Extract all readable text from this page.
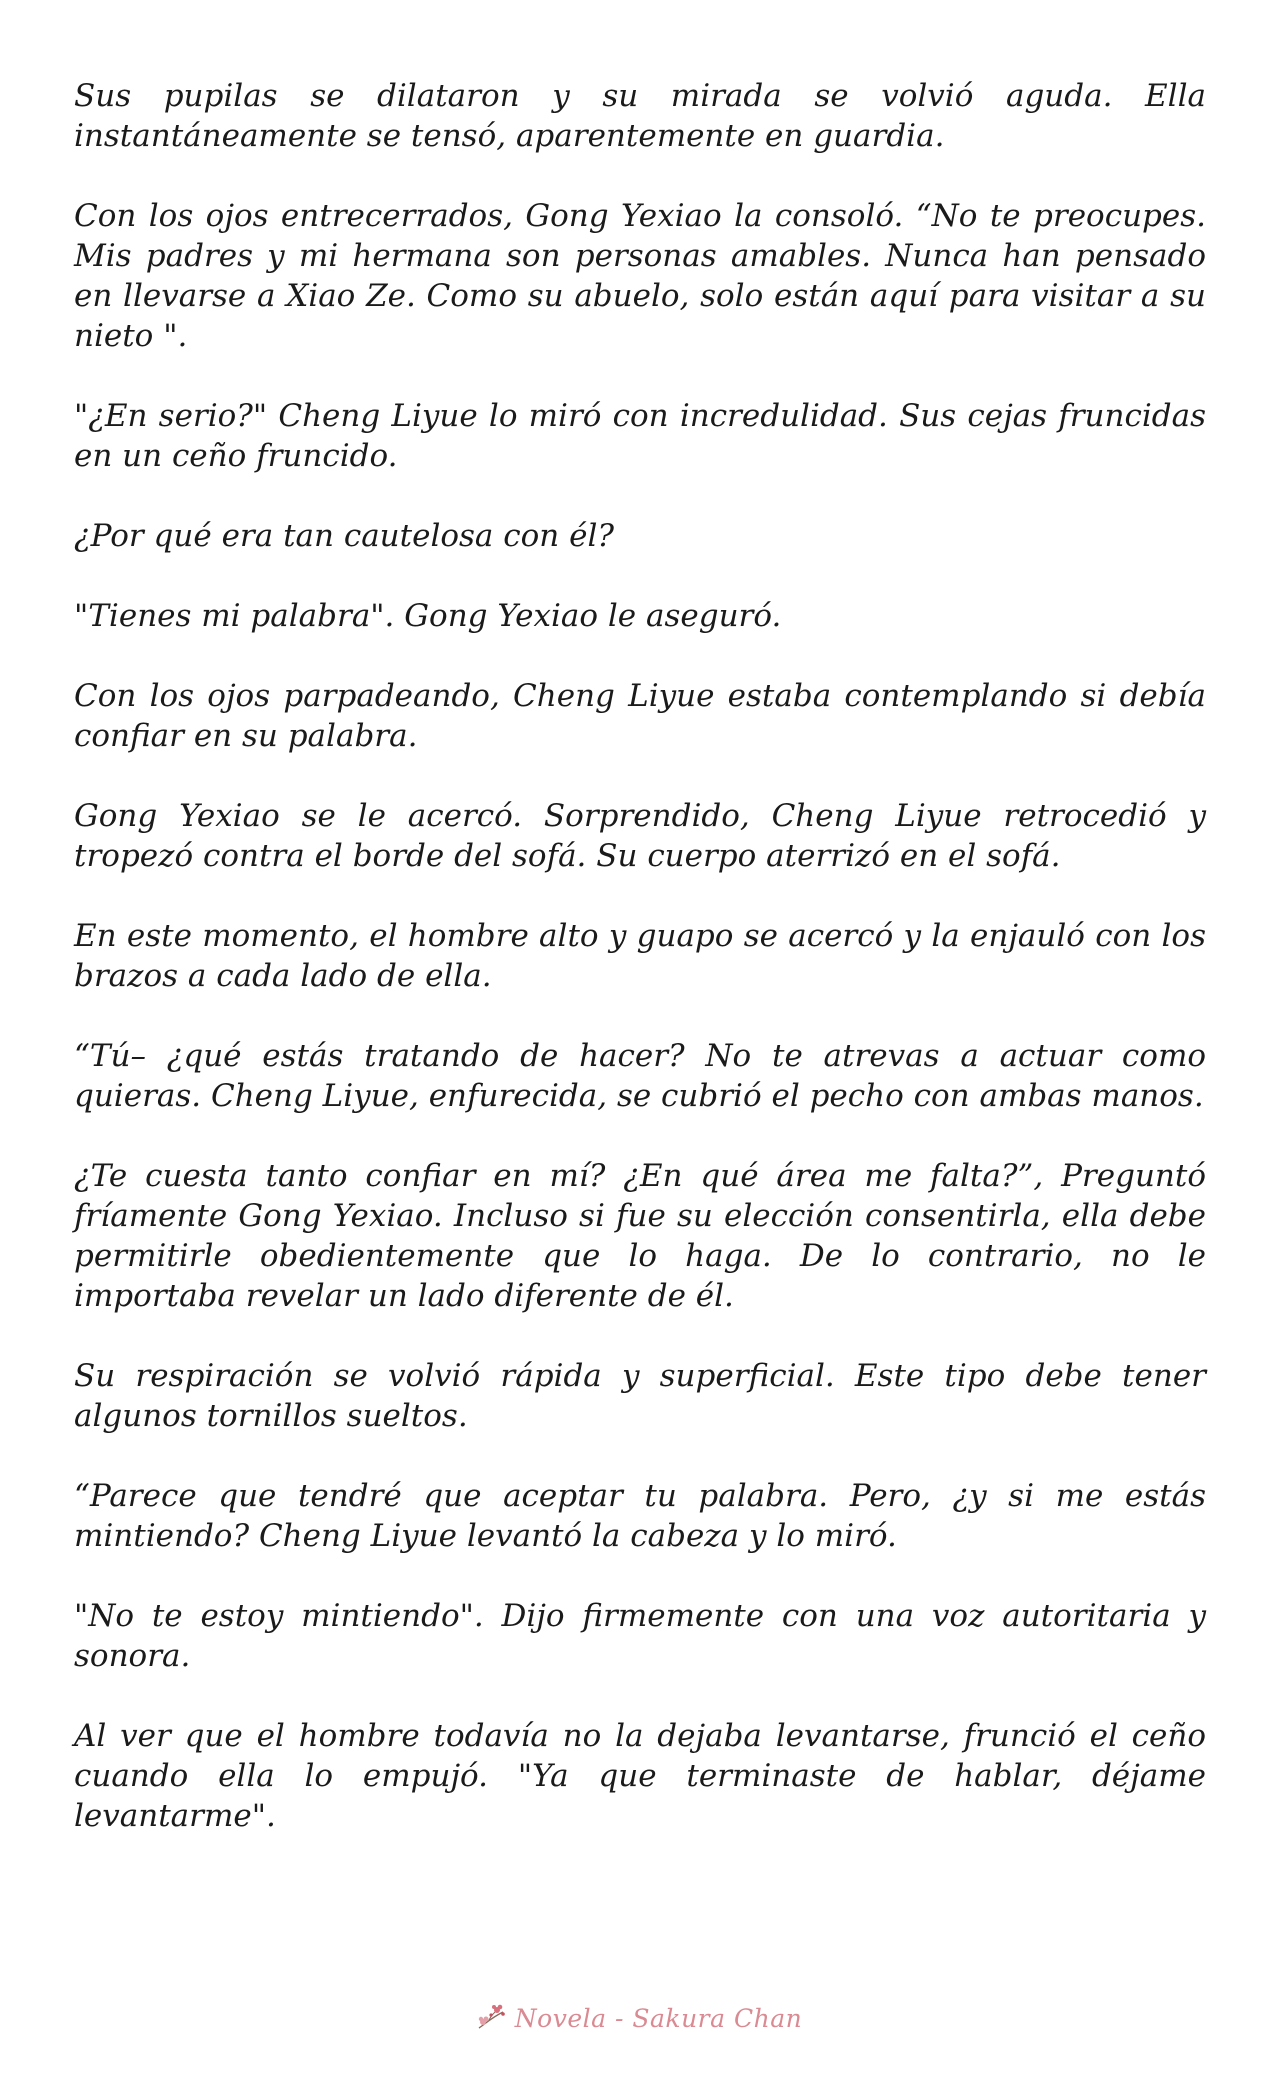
Sus pupilas se dilataron y su mirada se volvió aguda. Ella instantáneamente se tensó, aparentemente en guardia.

Con los ojos entrecerrados, Gong Yexiao la consoló. “No te preocupes. Mis padres y mi hermana son personas amables. Nunca han pensado en llevarse a Xiao Ze. Como su abuelo, solo están aquí para visitar a su nieto ".

"¿En serio?" Cheng Liyue lo miró con incredulidad. Sus cejas fruncidas en un ceño fruncido.

¿Por qué era tan cautelosa con él?

"Tienes mi palabra". Gong Yexiao le aseguró.

Con los ojos parpadeando, Cheng Liyue estaba contemplando si debía confiar en su palabra.

Gong Yexiao se le acercó. Sorprendido, Cheng Liyue retrocedió y tropezó contra el borde del sofá. Su cuerpo aterrizó en el sofá.

En este momento, el hombre alto y guapo se acercó y la enjauló con los brazos a cada lado de ella.

“Tú– ¿qué estás tratando de hacer? No te atrevas a actuar como quieras. Cheng Liyue, enfurecida, se cubrió el pecho con ambas manos.

¿Te cuesta tanto confiar en mí? ¿En qué área me falta?”, Preguntó fríamente Gong Yexiao. Incluso si fue su elección consentirla, ella debe permitirle obedientemente que lo haga. De lo contrario, no le importaba revelar un lado diferente de él.

Su respiración se volvió rápida y superficial. Este tipo debe tener algunos tornillos sueltos.

“Parece que tendré que aceptar tu palabra. Pero, ¿y si me estás mintiendo? Cheng Liyue levantó la cabeza y lo miró.

"No te estoy mintiendo". Dijo firmemente con una voz autoritaria y sonora.

Al ver que el hombre todavía no la dejaba levantarse, frunció el ceño cuando ella lo empujó. "Ya que terminaste de hablar, déjame levantarme".

Novela - Sakura Chan
